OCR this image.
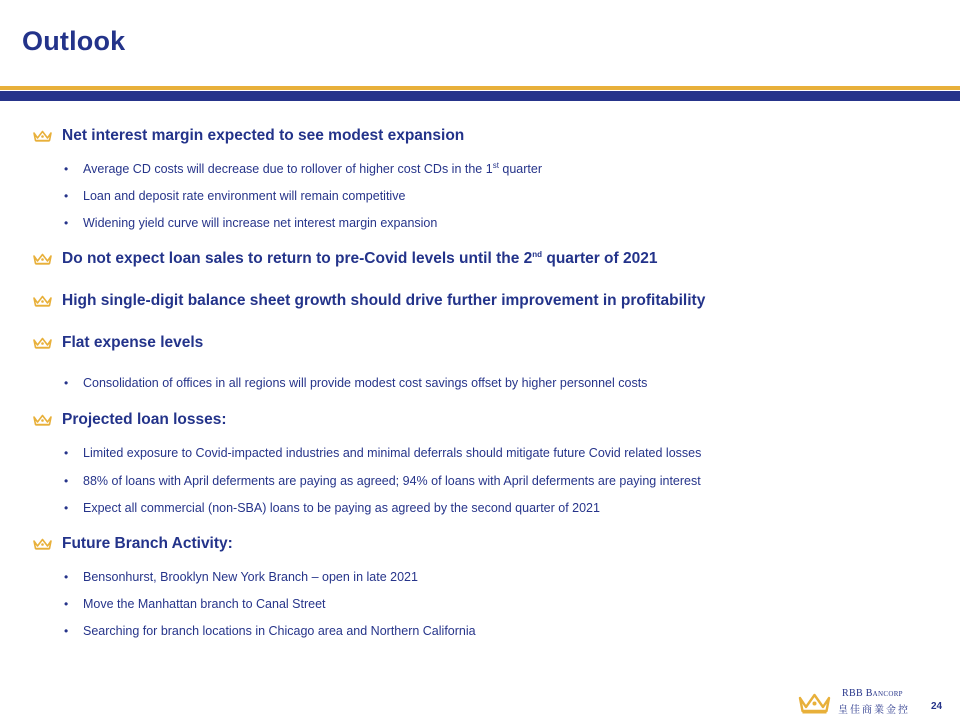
Outlook
Net interest margin expected to see modest expansion
•	Average CD costs will decrease due to rollover of higher cost CDs in the 1st quarter
•	Loan and deposit rate environment will remain competitive
•	Widening yield curve will increase net interest margin expansion
Do not expect loan sales to return to pre-Covid levels until the 2nd quarter of 2021
High single-digit balance sheet growth should drive further improvement in profitability
Flat expense levels
•	Consolidation of offices in all regions will provide modest cost savings offset by higher personnel costs
Projected loan losses:
•	Limited exposure to Covid-impacted industries and minimal deferrals should mitigate future Covid related losses
•	88% of loans with April deferments are paying as agreed; 94% of loans with April deferments are paying interest
•	Expect all commercial (non-SBA) loans to be paying as agreed by the second quarter of 2021
Future Branch Activity:
•	Bensonhurst, Brooklyn New York Branch – open in late 2021
•	Move the Manhattan branch to Canal Street
•	Searching for branch locations in Chicago area and Northern California
RBB Bancorp
皇佳商業金控 24
